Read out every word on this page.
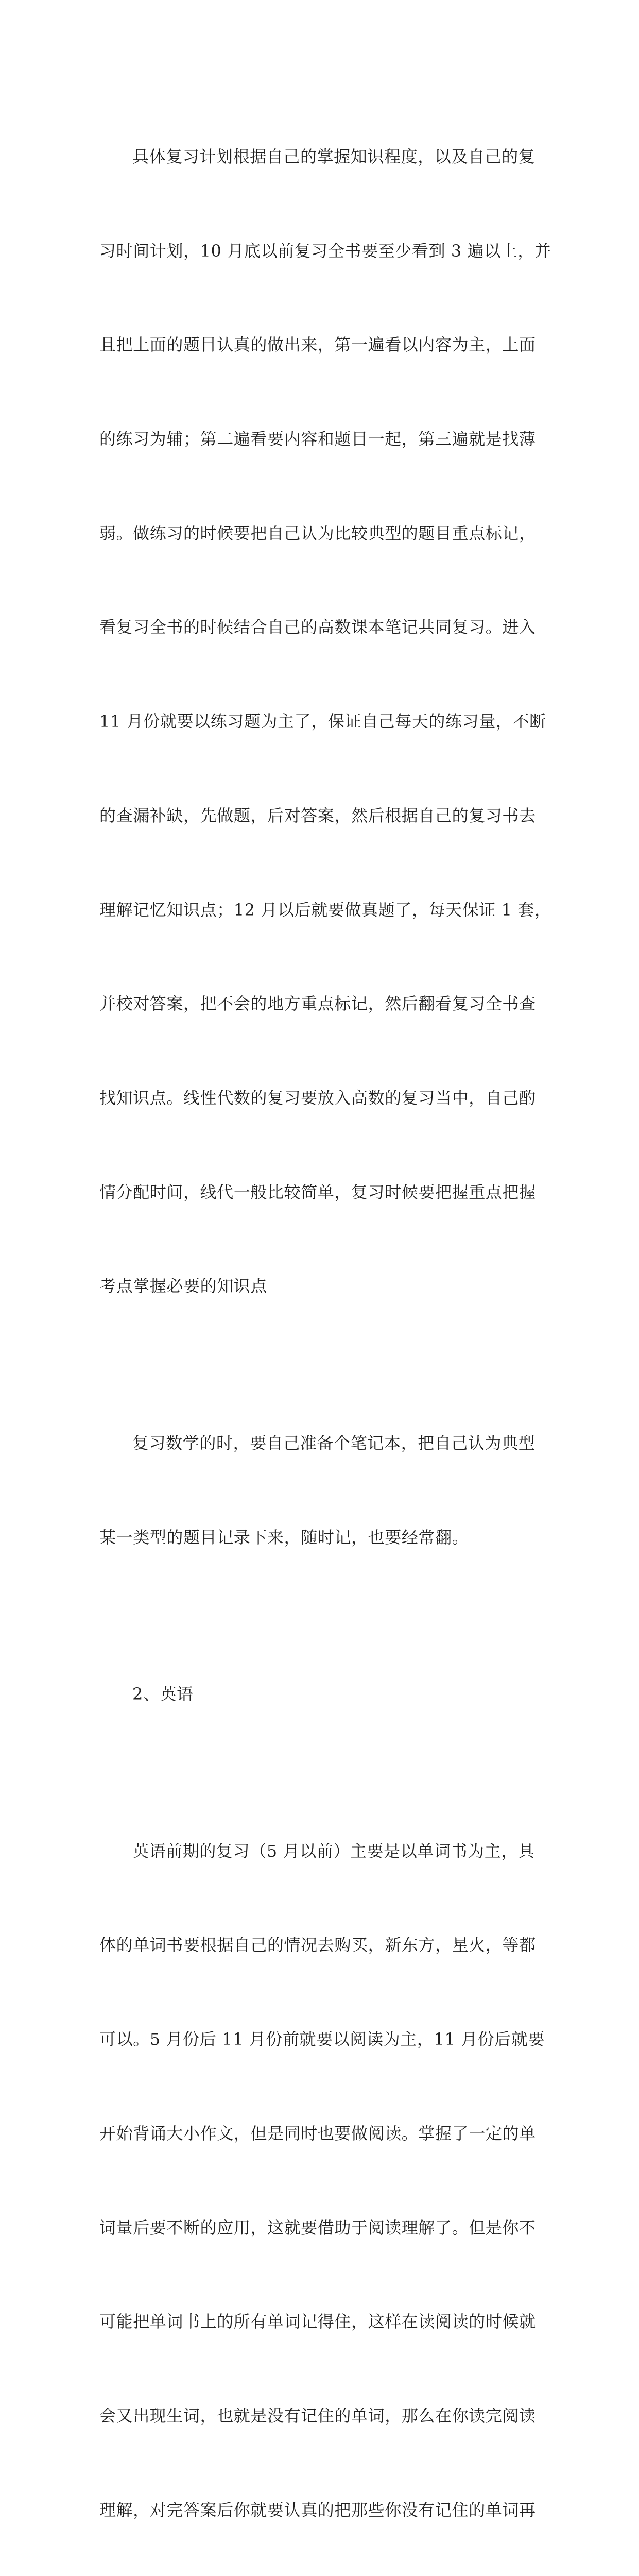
具体复习计划根据自己的掌握知识程度，以及自己的复

习时间计划，10 月底以前复习全书要至少看到 3 遍以上，并

且把上面的题目认真的做出来，第一遍看以内容为主，上面

的练习为辅；第二遍看要内容和题目一起，第三遍就是找薄

弱。做练习的时候要把自己认为比较典型的题目重点标记，

看复习全书的时候结合自己的高数课本笔记共同复习。进入

11 月份就要以练习题为主了，保证自己每天的练习量，不断

的查漏补缺，先做题，后对答案，然后根据自己的复习书去

理解记忆知识点；12 月以后就要做真题了，每天保证 1 套，

并校对答案，把不会的地方重点标记，然后翻看复习全书查

找知识点。线性代数的复习要放入高数的复习当中，自己酌

情分配时间，线代一般比较简单，复习时候要把握重点把握

考点掌握必要的知识点

复习数学的时，要自己准备个笔记本，把自己认为典型

某一类型的题目记录下来，随时记，也要经常翻。

2、英语

英语前期的复习（5 月以前）主要是以单词书为主，具

体的单词书要根据自己的情况去购买，新东方，星火，等都

可以。5 月份后 11 月份前就要以阅读为主，11 月份后就要

开始背诵大小作文，但是同时也要做阅读。掌握了一定的单

词量后要不断的应用，这就要借助于阅读理解了。但是你不

可能把单词书上的所有单词记得住，这样在读阅读的时候就

会又出现生词，也就是没有记住的单词，那么在你读完阅读

理解，对完答案后你就要认真的把那些你没有记住的单词再
